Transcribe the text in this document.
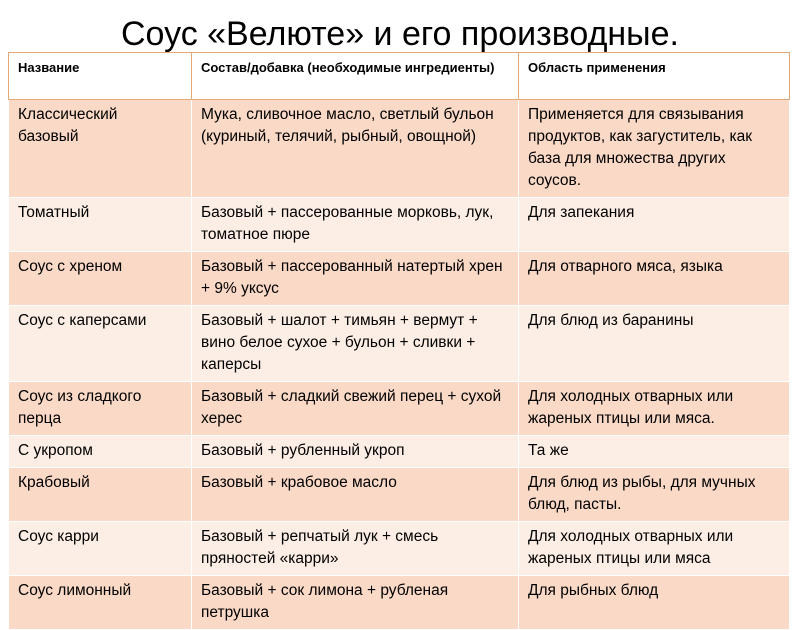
Соус «Велюте» и его производные.
Название	Состав/добавка (необходимые ингредиенты)	Область применения
Классический базовый	Мука, сливочное масло, светлый бульон (куриный, телячий, рыбный, овощной)	Применяется для связывания продуктов, как загуститель, как база для множества других соусов.
Томатный	Базовый + пассерованные морковь, лук, томатное пюре	Для запекания
Соус с хреном	Базовый + пассерованный натертый хрен + 9% уксус	Для отварного мяса, языка
Соус с каперсами	Базовый + шалот + тимьян + вермут + вино белое сухое + бульон + сливки + каперсы	Для блюд из баранины
Соус из сладкого перца	Базовый + сладкий свежий перец + сухой херес	Для холодных отварных или жареных птицы или мяса.
С укропом	Базовый + рубленный укроп	Та же
Крабовый	Базовый + крабовое масло	Для блюд из рыбы, для мучных блюд, пасты.
Соус карри	Базовый + репчатый лук + смесь пряностей «карри»	Для холодных отварных или жареных птицы или мяса
Соус лимонный	Базовый + сок лимона + рубленая петрушка	Для рыбных блюд
